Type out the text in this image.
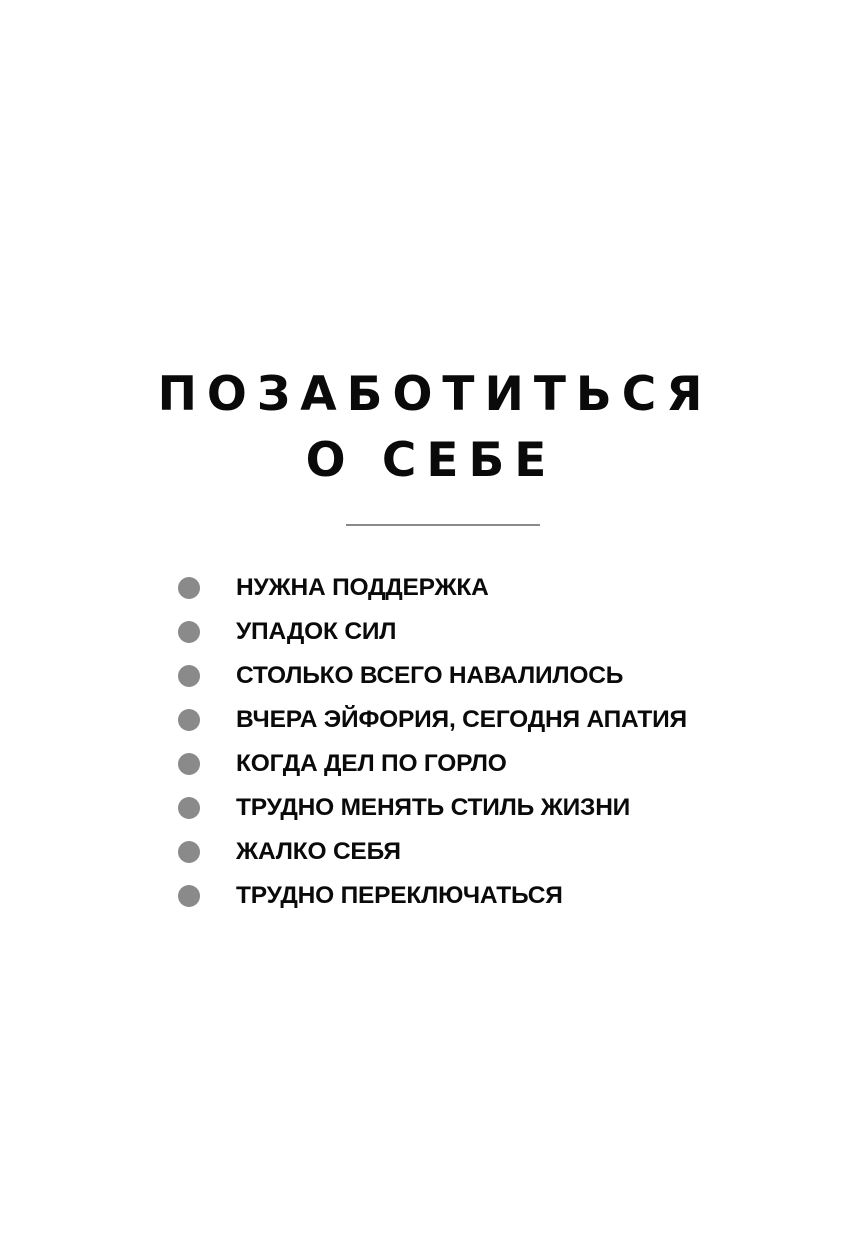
ПОЗАБОТИТЬСЯ
О СЕБЕ
НУЖНА ПОДДЕРЖКА
УПАДОК СИЛ
СТОЛЬКО ВСЕГО НАВАЛИЛОСЬ
ВЧЕРА ЭЙФОРИЯ, СЕГОДНЯ АПАТИЯ
КОГДА ДЕЛ ПО ГОРЛО
ТРУДНО МЕНЯТЬ СТИЛЬ ЖИЗНИ
ЖАЛКО СЕБЯ
ТРУДНО ПЕРЕКЛЮЧАТЬСЯ
